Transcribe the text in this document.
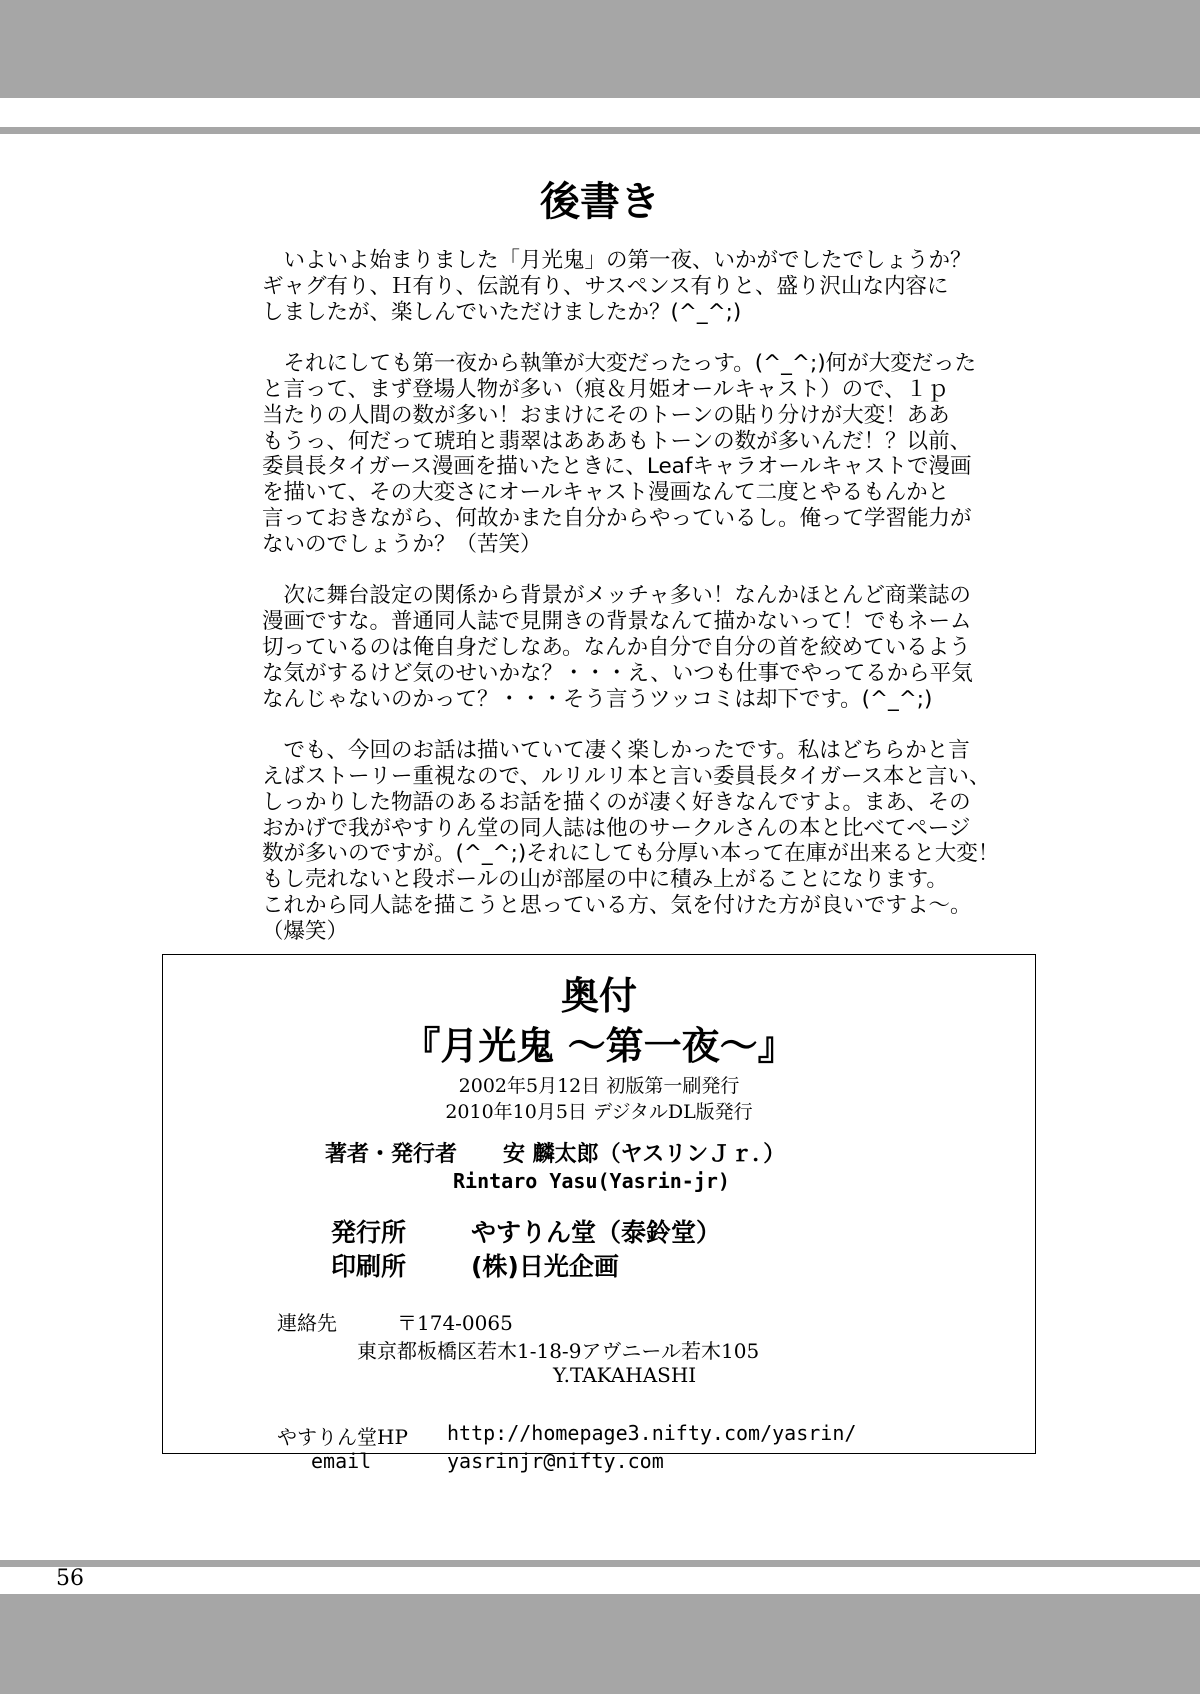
後書き

　いよいよ始まりました「月光鬼」の第一夜、いかがでしたでしょうか？
ギャグ有り、Ｈ有り、伝説有り、サスペンス有りと、盛り沢山な内容に
しましたが、楽しんでいただけましたか？(^_^;)

　それにしても第一夜から執筆が大変だったっす。(^_^;)何が大変だった
と言って、まず登場人物が多い（痕＆月姫オールキャスト）ので、１ｐ
当たりの人間の数が多い！おまけにそのトーンの貼り分けが大変！ああ
もうっ、何だって琥珀と翡翠はあああもトーンの数が多いんだ！？以前、
委員長タイガース漫画を描いたときに、Leafキャラオールキャストで漫画
を描いて、その大変さにオールキャスト漫画なんて二度とやるもんかと
言っておきながら、何故かまた自分からやっているし。俺って学習能力が
ないのでしょうか？（苦笑）

　次に舞台設定の関係から背景がメッチャ多い！なんかほとんど商業誌の
漫画ですな。普通同人誌で見開きの背景なんて描かないって！でもネーム
切っているのは俺自身だしなあ。なんか自分で自分の首を絞めているよう
な気がするけど気のせいかな？・・・え、いつも仕事でやってるから平気
なんじゃないのかって？・・・そう言うツッコミは却下です。(^_^;)

　でも、今回のお話は描いていて凄く楽しかったです。私はどちらかと言
えばストーリー重視なので、ルリルリ本と言い委員長タイガース本と言い、
しっかりした物語のあるお話を描くのが凄く好きなんですよ。まあ、その
おかげで我がやすりん堂の同人誌は他のサークルさんの本と比べてページ
数が多いのですが。(^_^;)それにしても分厚い本って在庫が出来ると大変！
もし売れないと段ボールの山が部屋の中に積み上がることになります。
これから同人誌を描こうと思っている方、気を付けた方が良いですよ～。
（爆笑）

奥付
『月光鬼 ～第一夜～』
2002年5月12日 初版第一刷発行
2010年10月5日 デジタルDL版発行
著者・発行者 安 麟太郎（ヤスリンＪｒ．）
Rintaro Yasu(Yasrin-jr)
発行所	やすりん堂（泰鈴堂）
印刷所	(株)日光企画
連絡先	〒174-0065
東京都板橋区若木1-18-9アヴニール若木105
Y.TAKAHASHI
やすりん堂HP http://homepage3.nifty.com/yasrin/
email	yasrinjr@nifty.com
56
